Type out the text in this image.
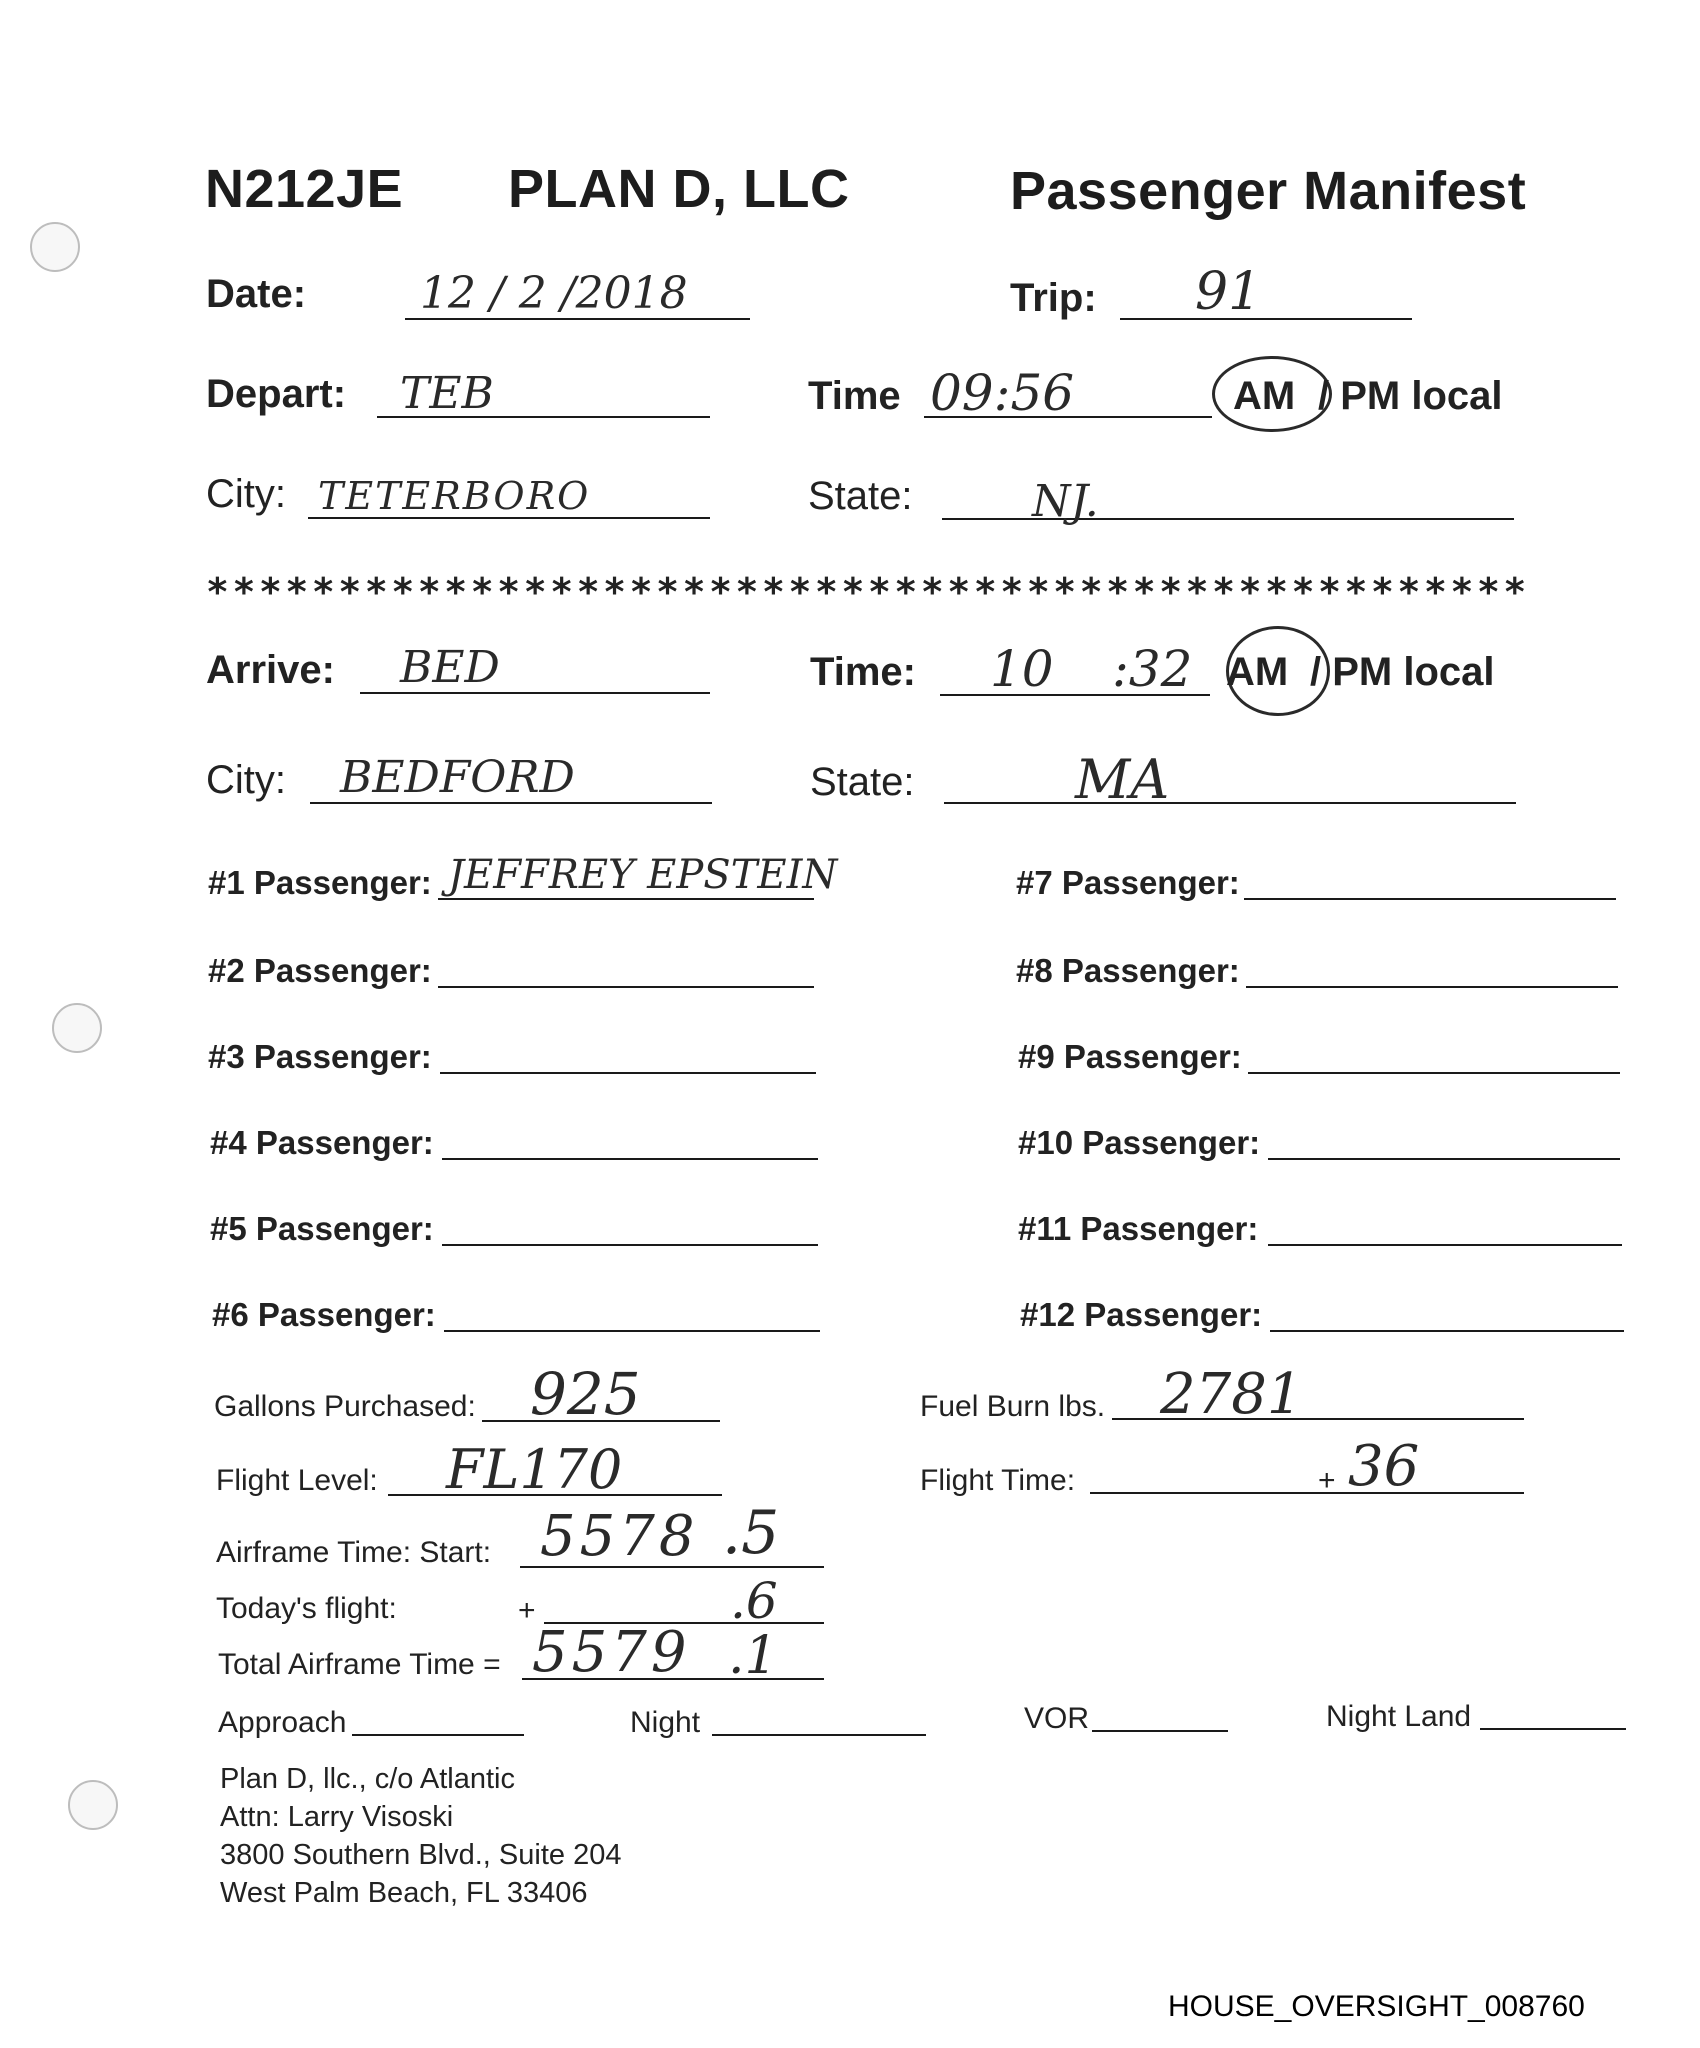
N212JE PLAN D, LLC	Passenger Manifest
Date:	12 / 2 /2018	Trip: 91
Depart: TEB	Time 09:56	AM / PM local
City: TETERBORO	State:	NJ.
**************************************************
Arrive: BED	Time: 10 :32 AM / PM local
City: BEDFORD	State:	MA
#1 Passenger: JEFFREY EPSTEIN
#2 Passenger:
#3 Passenger:
#4 Passenger:
#5 Passenger:
#6 Passenger:
#7 Passenger:
#8 Passenger:
#9 Passenger:
#10 Passenger:
#11 Passenger:
#12 Passenger:
Gallons Purchased: 925	Fuel Burn lbs. 2781
Flight Level: FL170	Flight Time:	+ 36
Airframe Time: Start: 5578 .5
Today's flight:	+	.6
Total Airframe Time = 5579 .1
Approach	Night	VOR	Night Land
Plan D, llc., c/o Atlantic
Attn: Larry Visoski
3800 Southern Blvd., Suite 204
West Palm Beach, FL 33406
HOUSE_OVERSIGHT_008760
